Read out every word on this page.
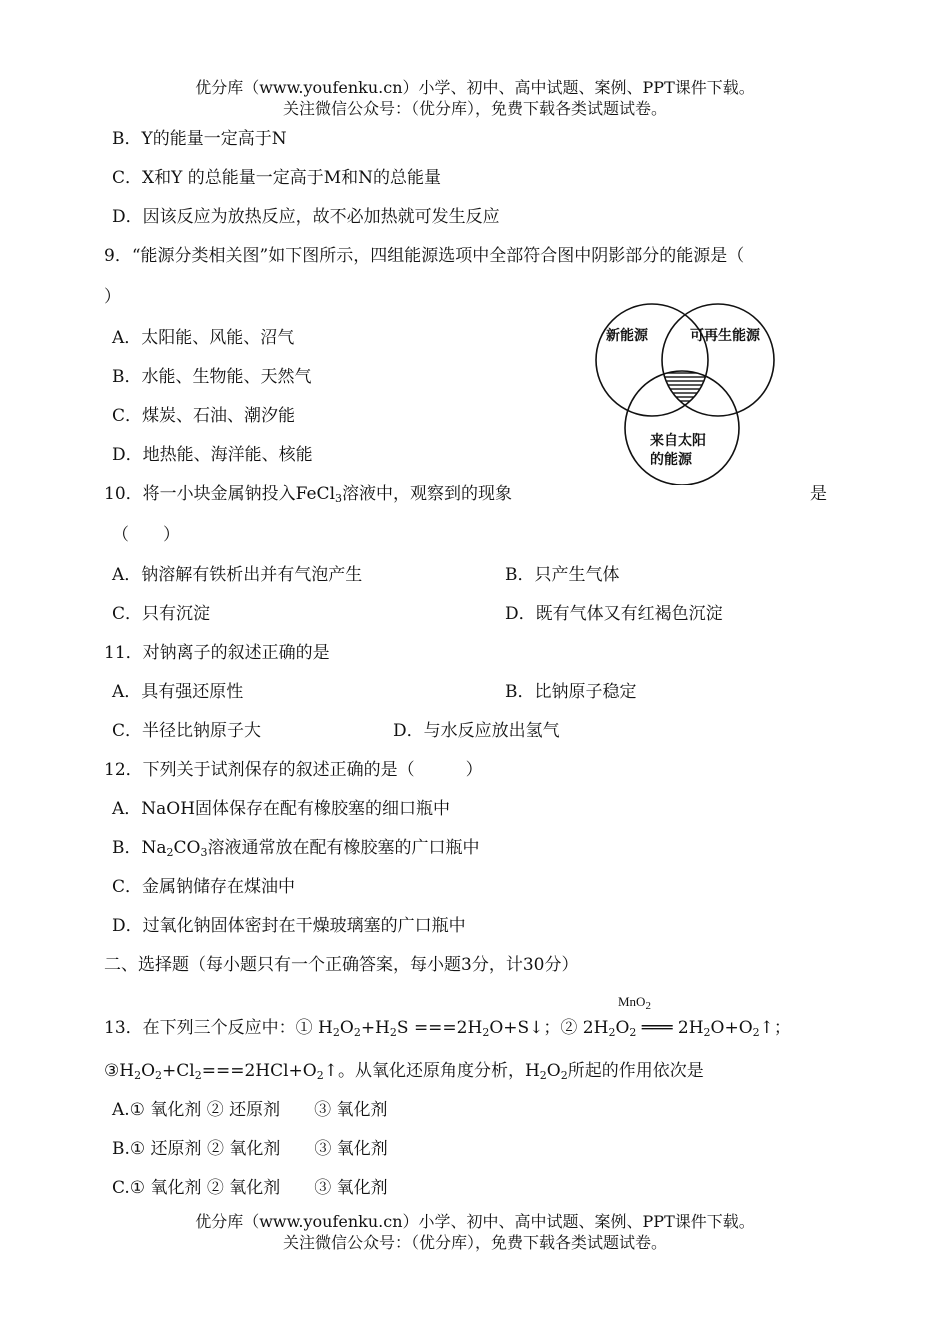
优分库（www.youfenku.cn）小学、初中、高中试题、案例、PPT课件下载。
关注微信公众号：（优分库），免费下载各类试题试卷。
B．Y的能量一定高于N
C．X和Y 的总能量一定高于M和N的总能量
D．因该反应为放热反应，故不必加热就可发生反应
9．“能源分类相关图”如下图所示，四组能源选项中全部符合图中阴影部分的能源是（
）
A．太阳能、风能、沼气
B．水能、生物能、天然气
C．煤炭、石油、潮汐能
D．地热能、海洋能、核能
新能源	可再生能源
来自太阳
的能源
10．将一小块金属钠投入FeCl$_3$溶液中，观察到的现象	是
（　　）
A．钠溶解有铁析出并有气泡产生	B．只产生气体
C．只有沉淀	D．既有气体又有红褐色沉淀
11．对钠离子的叙述正确的是
A．具有强还原性	B．比钠原子稳定
C．半径比钠原子大	D．与水反应放出氢气
12．下列关于试剂保存的叙述正确的是（　　　）
A．NaOH固体保存在配有橡胶塞的细口瓶中
B．$Na_2CO_3$溶液通常放在配有橡胶塞的广口瓶中
C．金属钠储存在煤油中
D．过氧化钠固体密封在干燥玻璃塞的广口瓶中
二、选择题（每小题只有一个正确答案，每小题3分，计30分）
MnO$_2$
13．在下列三个反应中：① $H_2O_2+H_2S$ $===2H_2O+S↓$；② $2H_2O_2$ ═══ $2H_2O+O_2↑$；
$③H_2O_2+Cl_2===2HCl+O_2↑$。从氧化还原角度分析，$H_2O_2$所起的作用依次是
A.① 氧化剂 ② 还原剂　　③ 氧化剂
B.① 还原剂 ② 氧化剂　　③ 氧化剂
C.① 氧化剂 ② 氧化剂　　③ 氧化剂
优分库（www.youfenku.cn）小学、初中、高中试题、案例、PPT课件下载。
关注微信公众号：（优分库），免费下载各类试题试卷。
